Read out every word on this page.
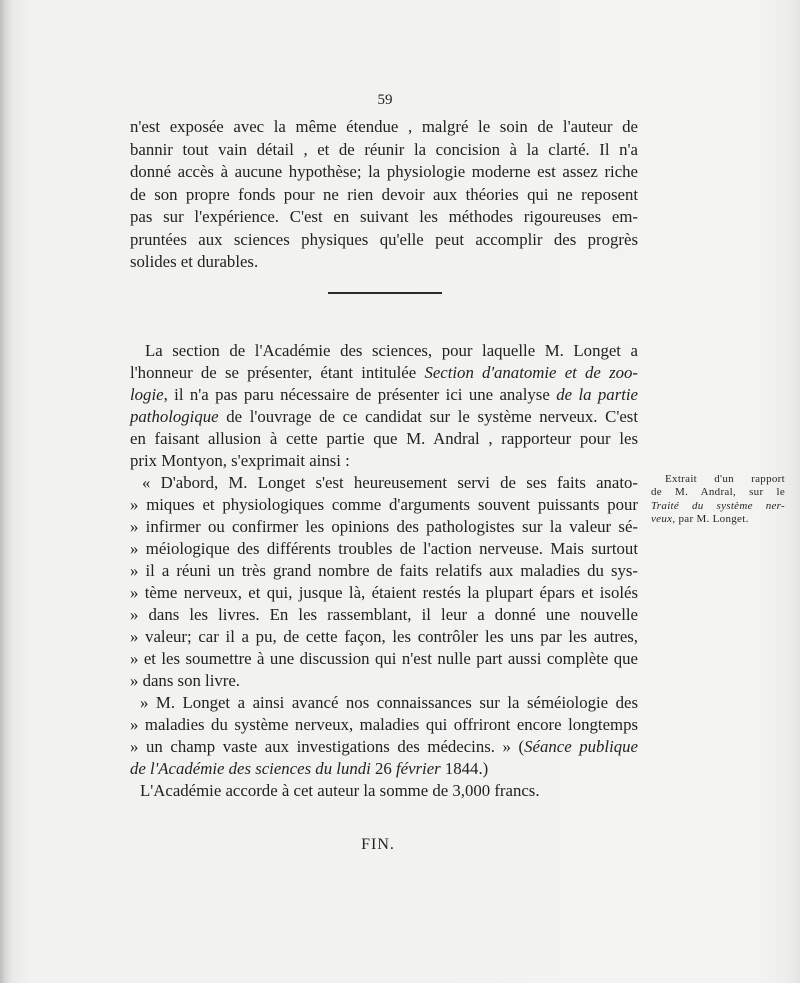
59
n'est exposée avec la même étendue , malgré le soin de l'auteur de
bannir tout vain détail , et de réunir la concision à la clarté. Il n'a
donné accès à aucune hypothèse; la physiologie moderne est assez riche
de son propre fonds pour ne rien devoir aux théories qui ne reposent
pas sur l'expérience. C'est en suivant les méthodes rigoureuses em-
pruntées aux sciences physiques qu'elle peut accomplir des progrès
solides et durables.
La section de l'Académie des sciences, pour laquelle M. Longet a
l'honneur de se présenter, étant intitulée Section d'anatomie et de zoo-
logie, il n'a pas paru nécessaire de présenter ici une analyse de la partie
pathologique de l'ouvrage de ce candidat sur le système nerveux. C'est
en faisant allusion à cette partie que M. Andral , rapporteur pour les
prix Montyon, s'exprimait ainsi :
« D'abord, M. Longet s'est heureusement servi de ses faits anato-
» miques et physiologiques comme d'arguments souvent puissants pour
» infirmer ou confirmer les opinions des pathologistes sur la valeur sé-
» méiologique des différents troubles de l'action nerveuse. Mais surtout
» il a réuni un très grand nombre de faits relatifs aux maladies du sys-
» tème nerveux, et qui, jusque là, étaient restés la plupart épars et isolés
» dans les livres. En les rassemblant, il leur a donné une nouvelle
» valeur; car il a pu, de cette façon, les contrôler les uns par les autres,
» et les soumettre à une discussion qui n'est nulle part aussi complète que
» dans son livre.
» M. Longet a ainsi avancé nos connaissances sur la séméiologie des
» maladies du système nerveux, maladies qui offriront encore longtemps
» un champ vaste aux investigations des médecins. » (Séance publique
de l'Académie des sciences du lundi 26 février 1844.)
L'Académie accorde à cet auteur la somme de 3,000 francs.
Extrait d'un rapport
de M. Andral, sur le
Traité du système ner-
veux, par M. Longet.
FIN.
